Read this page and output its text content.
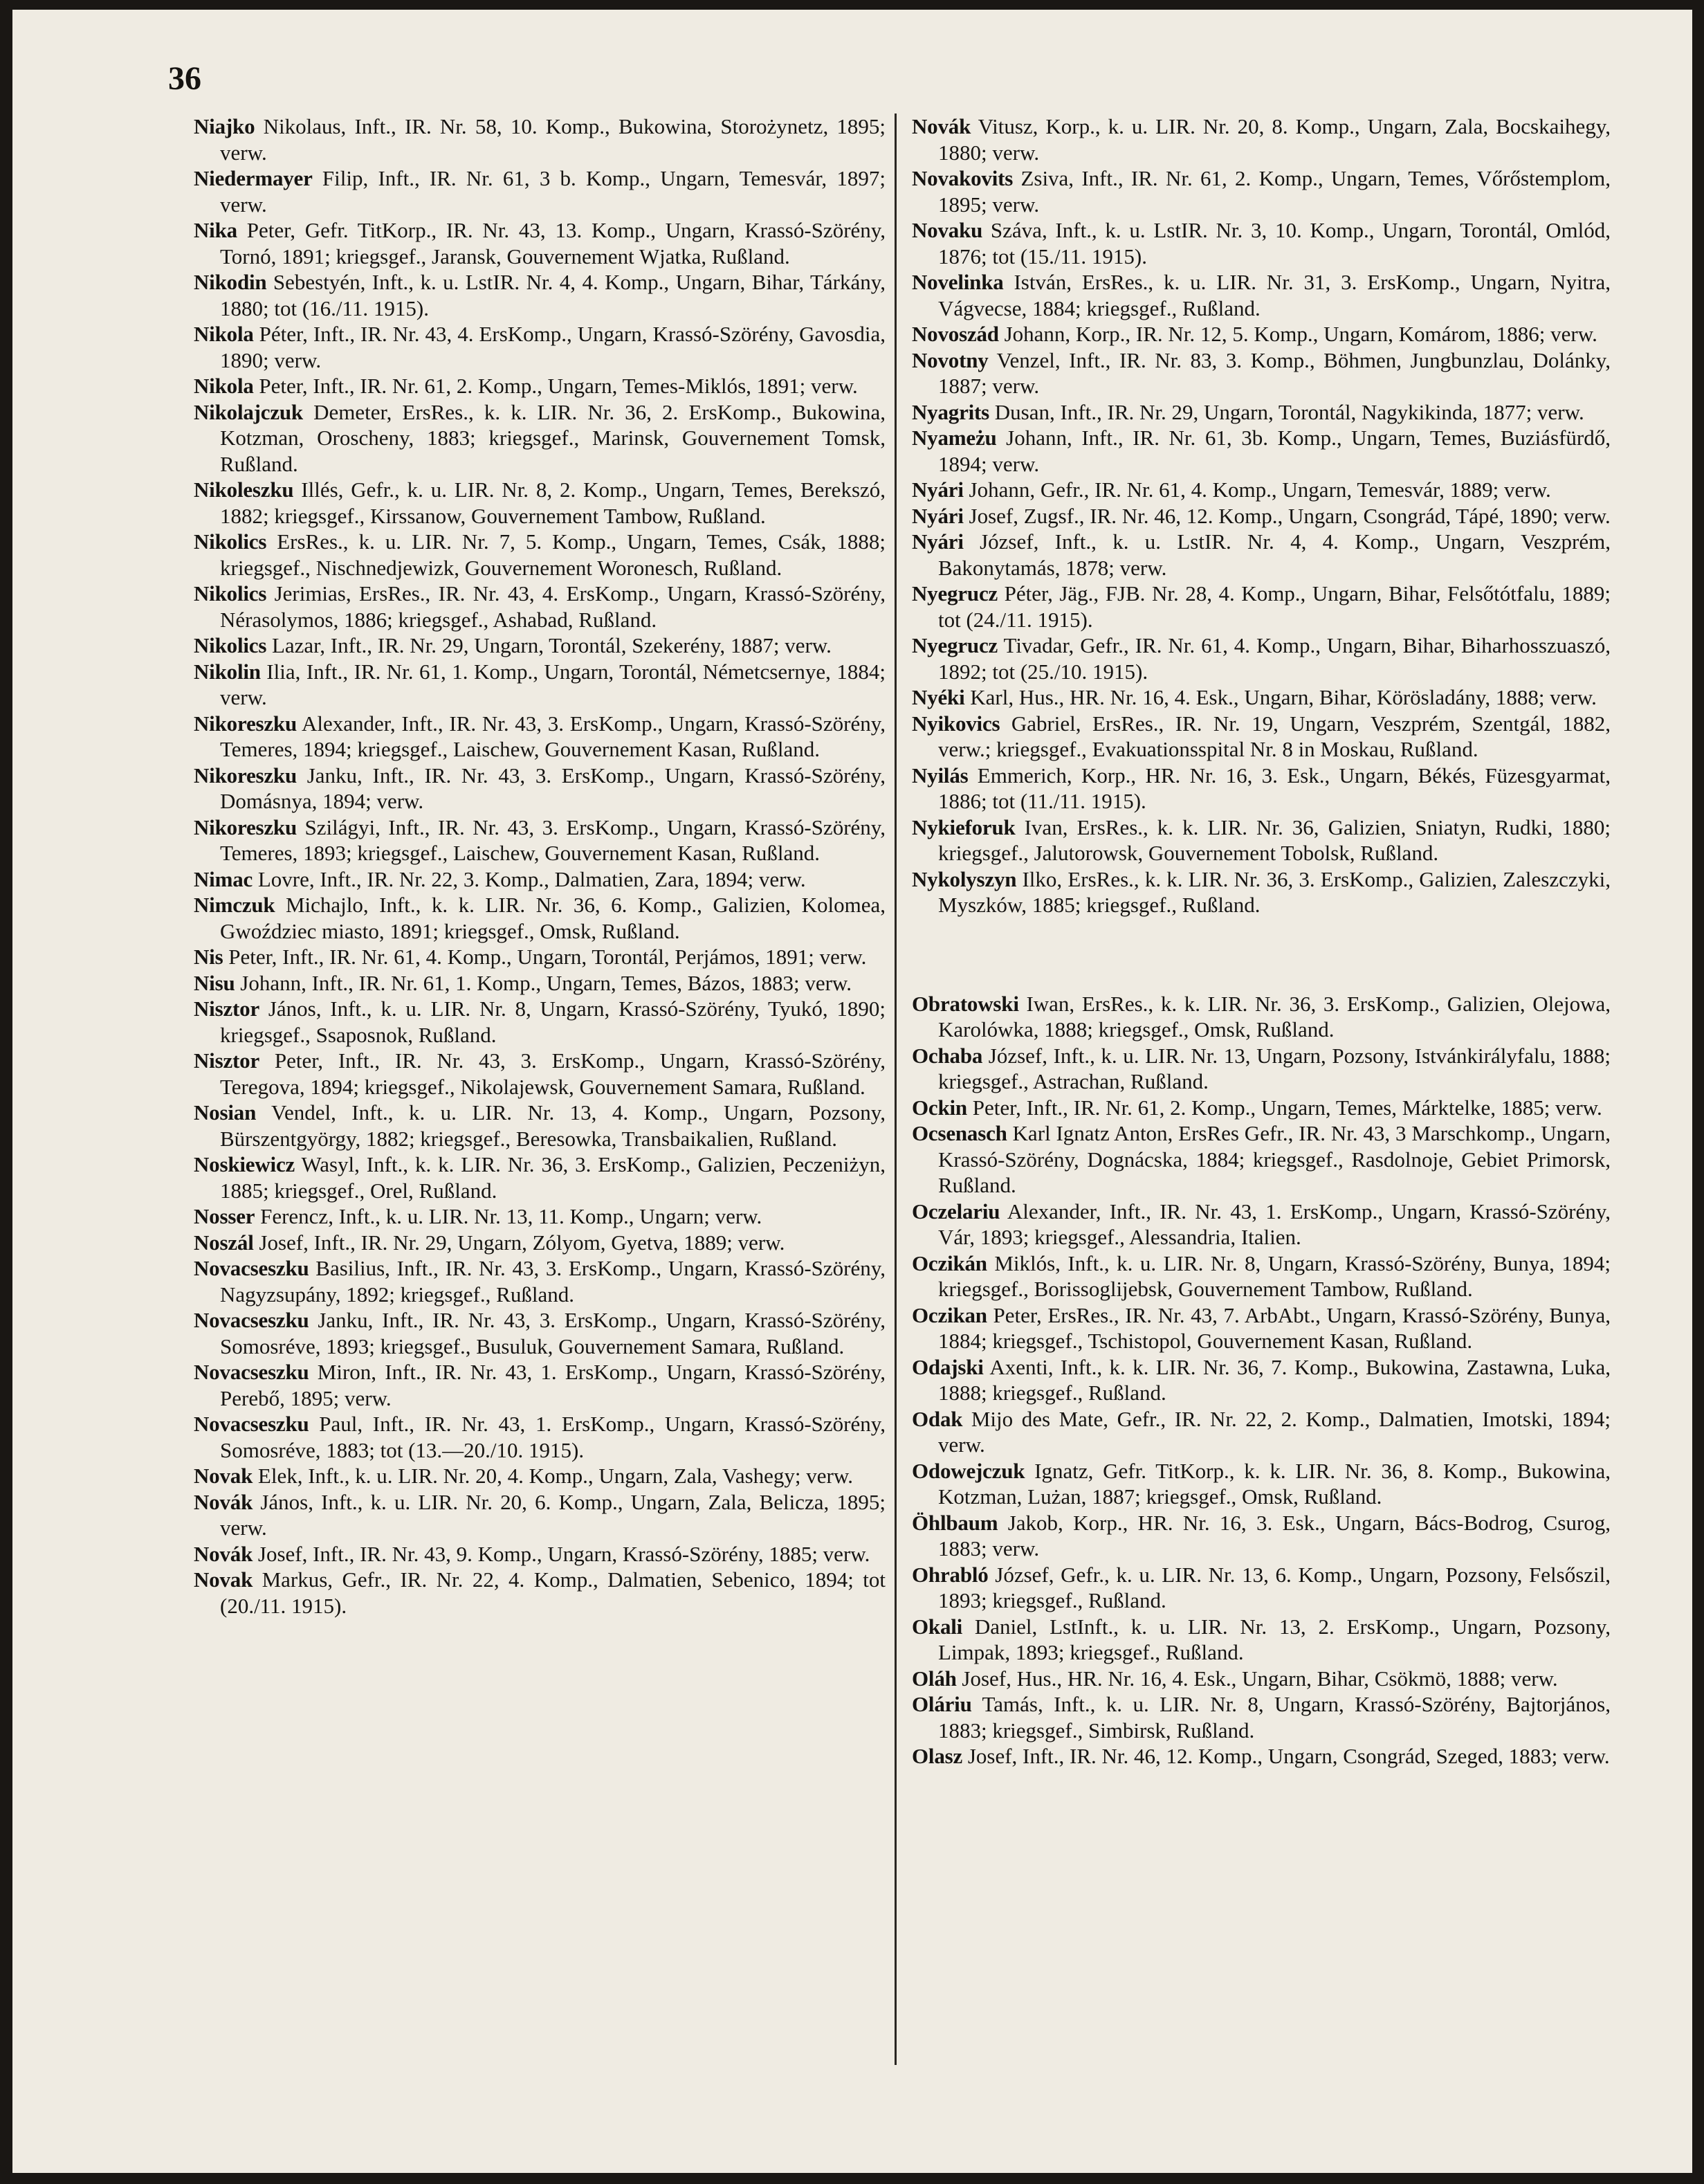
36

Niajko Nikolaus, Inft., IR. Nr. 58, 10. Komp., Bukowina, Storożynetz, 1895; verw.

Niedermayer Filip, Inft., IR. Nr. 61, 3 b. Komp., Ungarn, Temesvár, 1897; verw.

Nika Peter, Gefr. TitKorp., IR. Nr. 43, 13. Komp., Ungarn, Krassó-Szörény, Tornó, 1891; kriegsgef., Jaransk, Gouvernement Wjatka, Rußland.

Nikodin Sebestyén, Inft., k. u. LstIR. Nr. 4, 4. Komp., Ungarn, Bihar, Tárkány, 1880; tot (16./11. 1915).

Nikola Péter, Inft., IR. Nr. 43, 4. ErsKomp., Ungarn, Krassó-Szörény, Gavosdia, 1890; verw.

Nikola Peter, Inft., IR. Nr. 61, 2. Komp., Ungarn, Temes-Miklós, 1891; verw.

Nikolajczuk Demeter, ErsRes., k. k. LIR. Nr. 36, 2. ErsKomp., Bukowina, Kotzman, Oroscheny, 1883; kriegsgef., Marinsk, Gouvernement Tomsk, Rußland.

Nikoleszku Illés, Gefr., k. u. LIR. Nr. 8, 2. Komp., Ungarn, Temes, Berekszó, 1882; kriegsgef., Kirssanow, Gouvernement Tambow, Rußland.

Nikolics ErsRes., k. u. LIR. Nr. 7, 5. Komp., Ungarn, Temes, Csák, 1888; kriegsgef., Nischnedjewizk, Gouvernement Woronesch, Rußland.

Nikolics Jerimias, ErsRes., IR. Nr. 43, 4. ErsKomp., Ungarn, Krassó-Szörény, Nérasolymos, 1886; kriegsgef., Ashabad, Rußland.

Nikolics Lazar, Inft., IR. Nr. 29, Ungarn, Torontál, Szekerény, 1887; verw.

Nikolin Ilia, Inft., IR. Nr. 61, 1. Komp., Ungarn, Torontál, Németcsernye, 1884; verw.

Nikoreszku Alexander, Inft., IR. Nr. 43, 3. ErsKomp., Ungarn, Krassó-Szörény, Temeres, 1894; kriegsgef., Laischew, Gouvernement Kasan, Rußland.

Nikoreszku Janku, Inft., IR. Nr. 43, 3. ErsKomp., Ungarn, Krassó-Szörény, Domásnya, 1894; verw.

Nikoreszku Szilágyi, Inft., IR. Nr. 43, 3. ErsKomp., Ungarn, Krassó-Szörény, Temeres, 1893; kriegsgef., Laischew, Gouvernement Kasan, Rußland.

Nimac Lovre, Inft., IR. Nr. 22, 3. Komp., Dalmatien, Zara, 1894; verw.

Nimczuk Michajlo, Inft., k. k. LIR. Nr. 36, 6. Komp., Galizien, Kolomea, Gwoździec miasto, 1891; kriegsgef., Omsk, Rußland.

Nis Peter, Inft., IR. Nr. 61, 4. Komp., Ungarn, Torontál, Perjámos, 1891; verw.

Nisu Johann, Inft., IR. Nr. 61, 1. Komp., Ungarn, Temes, Bázos, 1883; verw.

Nisztor János, Inft., k. u. LIR. Nr. 8, Ungarn, Krassó-Szörény, Tyukó, 1890; kriegsgef., Ssaposnok, Rußland.

Nisztor Peter, Inft., IR. Nr. 43, 3. ErsKomp., Ungarn, Krassó-Szörény, Teregova, 1894; kriegsgef., Nikolajewsk, Gouvernement Samara, Rußland.

Nosian Vendel, Inft., k. u. LIR. Nr. 13, 4. Komp., Ungarn, Pozsony, Bürszentgyörgy, 1882; kriegsgef., Beresowka, Transbaikalien, Rußland.

Noskiewicz Wasyl, Inft., k. k. LIR. Nr. 36, 3. ErsKomp., Galizien, Peczeniżyn, 1885; kriegsgef., Orel, Rußland.

Nosser Ferencz, Inft., k. u. LIR. Nr. 13, 11. Komp., Ungarn; verw.

Noszál Josef, Inft., IR. Nr. 29, Ungarn, Zólyom, Gyetva, 1889; verw.

Novacseszku Basilius, Inft., IR. Nr. 43, 3. ErsKomp., Ungarn, Krassó-Szörény, Nagyzsupány, 1892; kriegsgef., Rußland.

Novacseszku Janku, Inft., IR. Nr. 43, 3. ErsKomp., Ungarn, Krassó-Szörény, Somosréve, 1893; kriegsgef., Busuluk, Gouvernement Samara, Rußland.

Novacseszku Miron, Inft., IR. Nr. 43, 1. ErsKomp., Ungarn, Krassó-Szörény, Perebő, 1895; verw.

Novacseszku Paul, Inft., IR. Nr. 43, 1. ErsKomp., Ungarn, Krassó-Szörény, Somosréve, 1883; tot (13.—20./10. 1915).

Novak Elek, Inft., k. u. LIR. Nr. 20, 4. Komp., Ungarn, Zala, Vashegy; verw.

Novák János, Inft., k. u. LIR. Nr. 20, 6. Komp., Ungarn, Zala, Belicza, 1895; verw.

Novák Josef, Inft., IR. Nr. 43, 9. Komp., Ungarn, Krassó-Szörény, 1885; verw.

Novak Markus, Gefr., IR. Nr. 22, 4. Komp., Dalmatien, Sebenico, 1894; tot (20./11. 1915).

Novák Vitusz, Korp., k. u. LIR. Nr. 20, 8. Komp., Ungarn, Zala, Bocskaihegy, 1880; verw.

Novakovits Zsiva, Inft., IR. Nr. 61, 2. Komp., Ungarn, Temes, Vőrőstemplom, 1895; verw.

Novaku Száva, Inft., k. u. LstIR. Nr. 3, 10. Komp., Ungarn, Torontál, Omlód, 1876; tot (15./11. 1915).

Novelinka István, ErsRes., k. u. LIR. Nr. 31, 3. ErsKomp., Ungarn, Nyitra, Vágvecse, 1884; kriegsgef., Rußland.

Novoszád Johann, Korp., IR. Nr. 12, 5. Komp., Ungarn, Komárom, 1886; verw.

Novotny Venzel, Inft., IR. Nr. 83, 3. Komp., Böhmen, Jungbunzlau, Dolánky, 1887; verw.

Nyagrits Dusan, Inft., IR. Nr. 29, Ungarn, Torontál, Nagykikinda, 1877; verw.

Nyameżu Johann, Inft., IR. Nr. 61, 3b. Komp., Ungarn, Temes, Buziásfürdő, 1894; verw.

Nyári Johann, Gefr., IR. Nr. 61, 4. Komp., Ungarn, Temesvár, 1889; verw.

Nyári Josef, Zugsf., IR. Nr. 46, 12. Komp., Ungarn, Csongrád, Tápé, 1890; verw.

Nyári József, Inft., k. u. LstIR. Nr. 4, 4. Komp., Ungarn, Veszprém, Bakonytamás, 1878; verw.

Nyegrucz Péter, Jäg., FJB. Nr. 28, 4. Komp., Ungarn, Bihar, Felsőtótfalu, 1889; tot (24./11. 1915).

Nyegrucz Tivadar, Gefr., IR. Nr. 61, 4. Komp., Ungarn, Bihar, Biharhosszuaszó, 1892; tot (25./10. 1915).

Nyéki Karl, Hus., HR. Nr. 16, 4. Esk., Ungarn, Bihar, Körösladány, 1888; verw.

Nyikovics Gabriel, ErsRes., IR. Nr. 19, Ungarn, Veszprém, Szentgál, 1882, verw.; kriegsgef., Evakuationsspital Nr. 8 in Moskau, Rußland.

Nyilás Emmerich, Korp., HR. Nr. 16, 3. Esk., Ungarn, Békés, Füzesgyarmat, 1886; tot (11./11. 1915).

Nykieforuk Ivan, ErsRes., k. k. LIR. Nr. 36, Galizien, Sniatyn, Rudki, 1880; kriegsgef., Jalutorowsk, Gouvernement Tobolsk, Rußland.

Nykolyszyn Ilko, ErsRes., k. k. LIR. Nr. 36, 3. ErsKomp., Galizien, Zaleszczyki, Myszków, 1885; kriegsgef., Rußland.

Obratowski Iwan, ErsRes., k. k. LIR. Nr. 36, 3. ErsKomp., Galizien, Olejowa, Karolówka, 1888; kriegsgef., Omsk, Rußland.

Ochaba József, Inft., k. u. LIR. Nr. 13, Ungarn, Pozsony, Istvánkirályfalu, 1888; kriegsgef., Astrachan, Rußland.

Ockin Peter, Inft., IR. Nr. 61, 2. Komp., Ungarn, Temes, Márktelke, 1885; verw.

Ocsenasch Karl Ignatz Anton, ErsRes Gefr., IR. Nr. 43, 3 Marschkomp., Ungarn, Krassó-Szörény, Dognácska, 1884; kriegsgef., Rasdolnoje, Gebiet Primorsk, Rußland.

Oczelariu Alexander, Inft., IR. Nr. 43, 1. ErsKomp., Ungarn, Krassó-Szörény, Vár, 1893; kriegsgef., Alessandria, Italien.

Oczikán Miklós, Inft., k. u. LIR. Nr. 8, Ungarn, Krassó-Szörény, Bunya, 1894; kriegsgef., Borissoglijebsk, Gouvernement Tambow, Rußland.

Oczikan Peter, ErsRes., IR. Nr. 43, 7. ArbAbt., Ungarn, Krassó-Szörény, Bunya, 1884; kriegsgef., Tschistopol, Gouvernement Kasan, Rußland.

Odajski Axenti, Inft., k. k. LIR. Nr. 36, 7. Komp., Bukowina, Zastawna, Luka, 1888; kriegsgef., Rußland.

Odak Mijo des Mate, Gefr., IR. Nr. 22, 2. Komp., Dalmatien, Imotski, 1894; verw.

Odowejczuk Ignatz, Gefr. TitKorp., k. k. LIR. Nr. 36, 8. Komp., Bukowina, Kotzman, Lużan, 1887; kriegsgef., Omsk, Rußland.

Öhlbaum Jakob, Korp., HR. Nr. 16, 3. Esk., Ungarn, Bács-Bodrog, Csurog, 1883; verw.

Ohrabló József, Gefr., k. u. LIR. Nr. 13, 6. Komp., Ungarn, Pozsony, Felsőszil, 1893; kriegsgef., Rußland.

Okali Daniel, LstInft., k. u. LIR. Nr. 13, 2. ErsKomp., Ungarn, Pozsony, Limpak, 1893; kriegsgef., Rußland.

Oláh Josef, Hus., HR. Nr. 16, 4. Esk., Ungarn, Bihar, Csökmö, 1888; verw.

Oláriu Tamás, Inft., k. u. LIR. Nr. 8, Ungarn, Krassó-Szörény, Bajtorjános, 1883; kriegsgef., Simbirsk, Rußland.

Olasz Josef, Inft., IR. Nr. 46, 12. Komp., Ungarn, Csongrád, Szeged, 1883; verw.
